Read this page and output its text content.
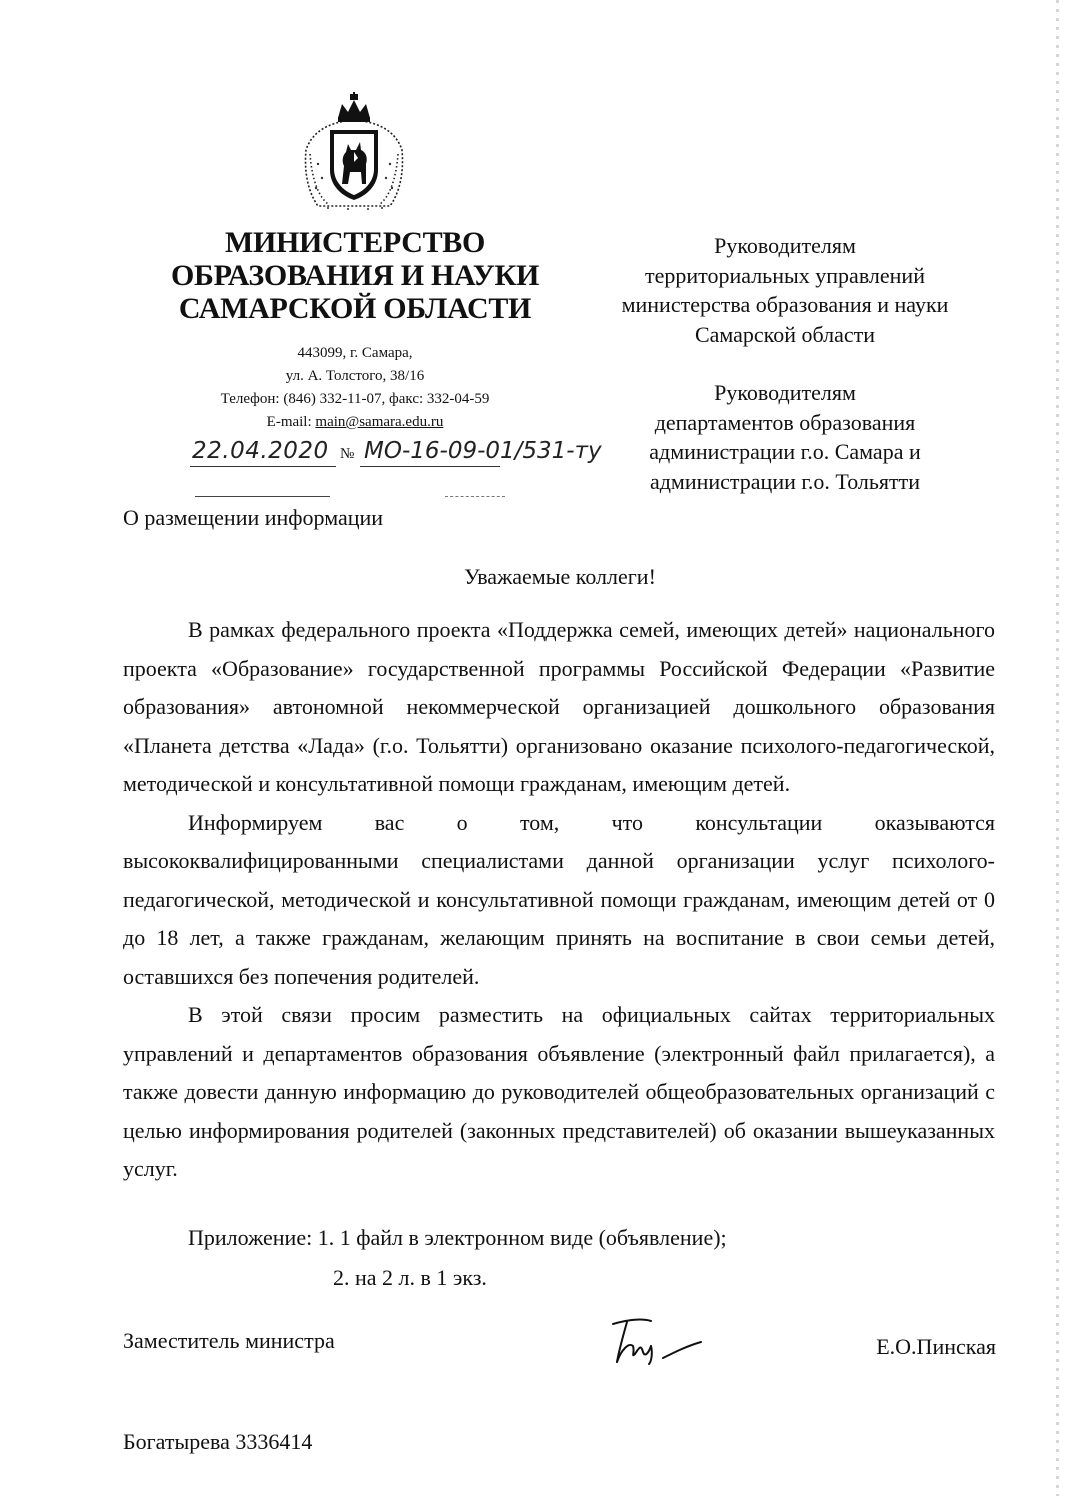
МИНИСТЕРСТВО
ОБРАЗОВАНИЯ И НАУКИ
САМАРСКОЙ ОБЛАСТИ
443099, г. Самара,
ул. А. Толстого, 38/16
Телефон: (846) 332-11-07, факс: 332-04-59
E-mail: main@samara.edu.ru
22.04.2020 № МО-16-09-01/531-ту
Руководителям
территориальных управлений
министерства образования и науки
Самарской области
Руководителям
департаментов образования
администрации г.о. Самара и
администрации г.о. Тольятти
О размещении информации
Уважаемые коллеги!

В рамках федерального проекта «Поддержка семей, имеющих детей» национального проекта «Образование» государственной программы Российской Федерации «Развитие образования» автономной некоммерческой организацией дошкольного образования «Планета детства «Лада» (г.о. Тольятти) организовано оказание психолого-педагогической, методической и консультативной помощи гражданам, имеющим детей.

Информируем вас о том, что консультации оказываются высококвалифицированными специалистами данной организации услуг психолого-педагогической, методической и консультативной помощи гражданам, имеющим детей от 0 до 18 лет, а также гражданам, желающим принять на воспитание в свои семьи детей, оставшихся без попечения родителей.

В этой связи просим разместить на официальных сайтах территориальных управлений и департаментов образования объявление (электронный файл прилагается), а также довести данную информацию до руководителей общеобразовательных организаций с целью информирования родителей (законных представителей) об оказании вышеуказанных услуг.

Приложение: 1. 1 файл в электронном виде (объявление);
2. на 2 л. в 1 экз.
Заместитель министра	Е.О.Пинская
Богатырева 3336414
